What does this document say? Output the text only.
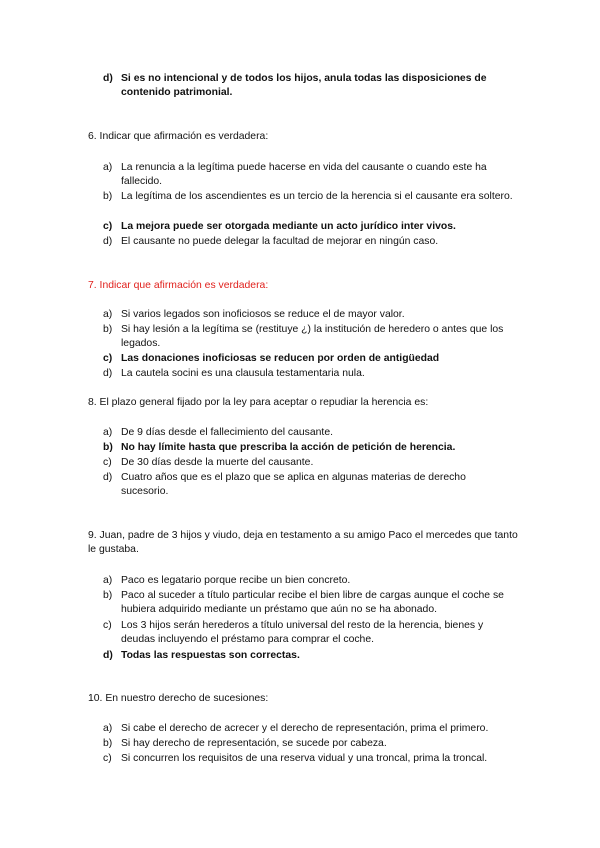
d) Si es no intencional y de todos los hijos, anula todas las disposiciones de contenido patrimonial.
6. Indicar que afirmación es verdadera:
a) La renuncia a la legítima puede hacerse en vida del causante o cuando este ha fallecido.
b) La legítima de los ascendientes es un tercio de la herencia si el causante era soltero.
c) La mejora puede ser otorgada mediante un acto jurídico inter vivos.
d) El causante no puede delegar la facultad de mejorar en ningún caso.
7. Indicar que afirmación es verdadera:
a) Si varios legados son inoficiosos se reduce el de mayor valor.
b) Si hay lesión a la legítima se (restituye ¿) la institución de heredero o antes que los legados.
c) Las donaciones inoficiosas se reducen por orden de antigüedad
d) La cautela socini es una clausula testamentaria nula.
8. El plazo general fijado por la ley para aceptar o repudiar la herencia es:
a) De 9 días desde el fallecimiento del causante.
b) No hay límite hasta que prescriba la acción de petición de herencia.
c) De 30 días desde la muerte del causante.
d) Cuatro años que es el plazo que se aplica en algunas materias de derecho sucesorio.
9. Juan, padre de 3 hijos y viudo, deja en testamento a su amigo Paco el mercedes que tanto le gustaba.
a) Paco es legatario porque recibe un bien concreto.
b) Paco al suceder a título particular recibe el bien libre de cargas aunque el coche se hubiera adquirido mediante un préstamo que aún no se ha abonado.
c) Los 3 hijos serán herederos a título universal del resto de la herencia, bienes y deudas incluyendo el préstamo para comprar el coche.
d) Todas las respuestas son correctas.
10. En nuestro derecho de sucesiones:
a) Si cabe el derecho de acrecer y el derecho de representación, prima el primero.
b) Si hay derecho de representación, se sucede por cabeza.
c) Si concurren los requisitos de una reserva vidual y una troncal, prima la troncal.
